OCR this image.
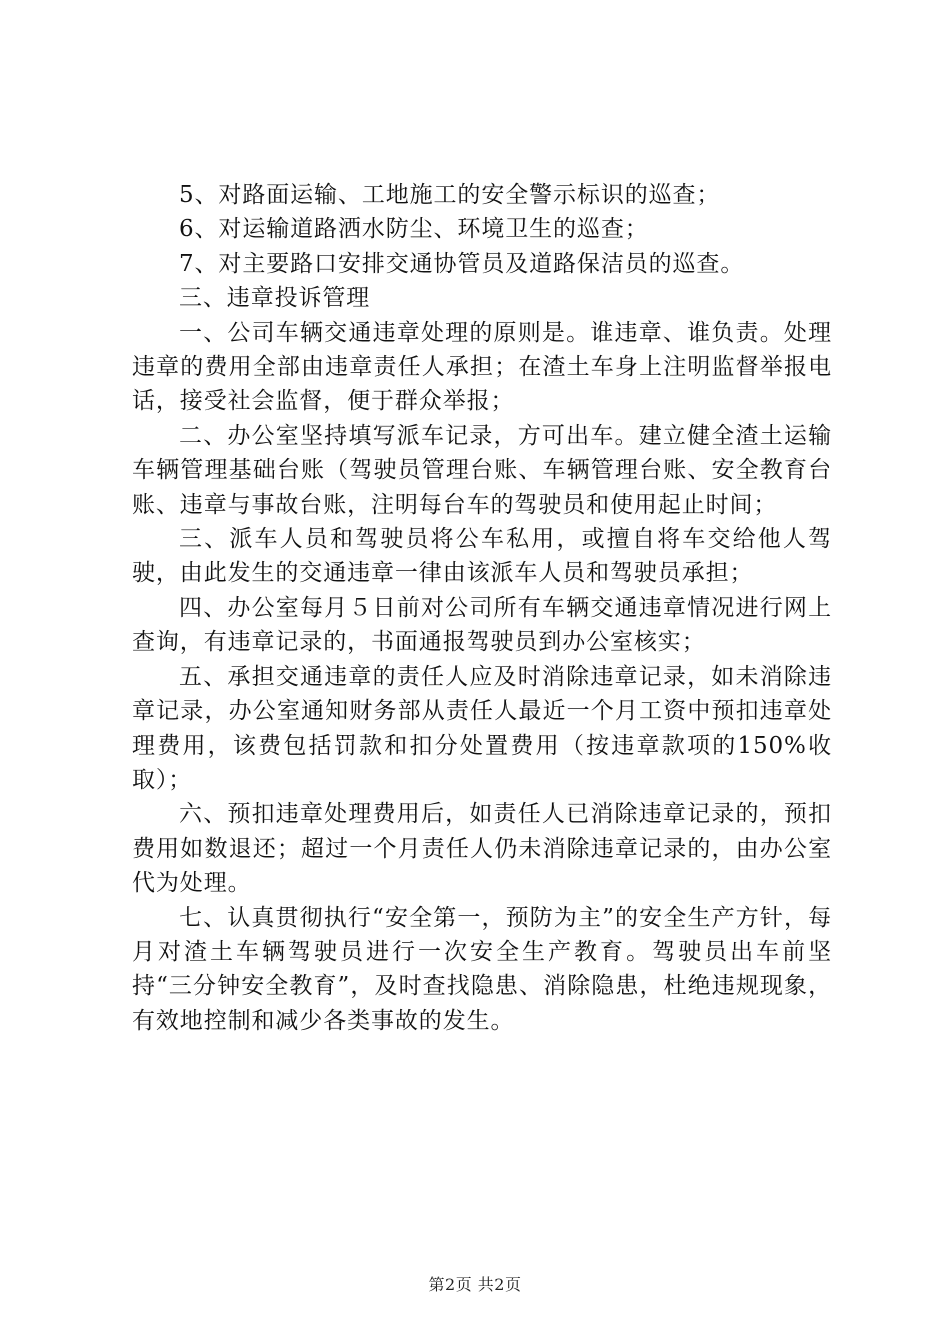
5、对路面运输、工地施工的安全警示标识的巡查；

6、对运输道路洒水防尘、环境卫生的巡查；

7、对主要路口安排交通协管员及道路保洁员的巡查。

三、违章投诉管理

一、公司车辆交通违章处理的原则是。谁违章、谁负责。处理违章的费用全部由违章责任人承担；在渣土车身上注明监督举报电话，接受社会监督，便于群众举报；

二、办公室坚持填写派车记录，方可出车。建立健全渣土运输车辆管理基础台账（驾驶员管理台账、车辆管理台账、安全教育台账、违章与事故台账，注明每台车的驾驶员和使用起止时间；

三、派车人员和驾驶员将公车私用，或擅自将车交给他人驾驶，由此发生的交通违章一律由该派车人员和驾驶员承担；

四、办公室每月５日前对公司所有车辆交通违章情况进行网上查询，有违章记录的，书面通报驾驶员到办公室核实；

五、承担交通违章的责任人应及时消除违章记录，如未消除违章记录，办公室通知财务部从责任人最近一个月工资中预扣违章处理费用，该费包括罚款和扣分处置费用（按违章款项的150%收取）；

六、预扣违章处理费用后，如责任人已消除违章记录的，预扣费用如数退还；超过一个月责任人仍未消除违章记录的，由办公室代为处理。

七、认真贯彻执行“安全第一，预防为主”的安全生产方针，每月对渣土车辆驾驶员进行一次安全生产教育。驾驶员出车前坚持“三分钟安全教育”，及时查找隐患、消除隐患，杜绝违规现象，有效地控制和减少各类事故的发生。

第2页 共2页
